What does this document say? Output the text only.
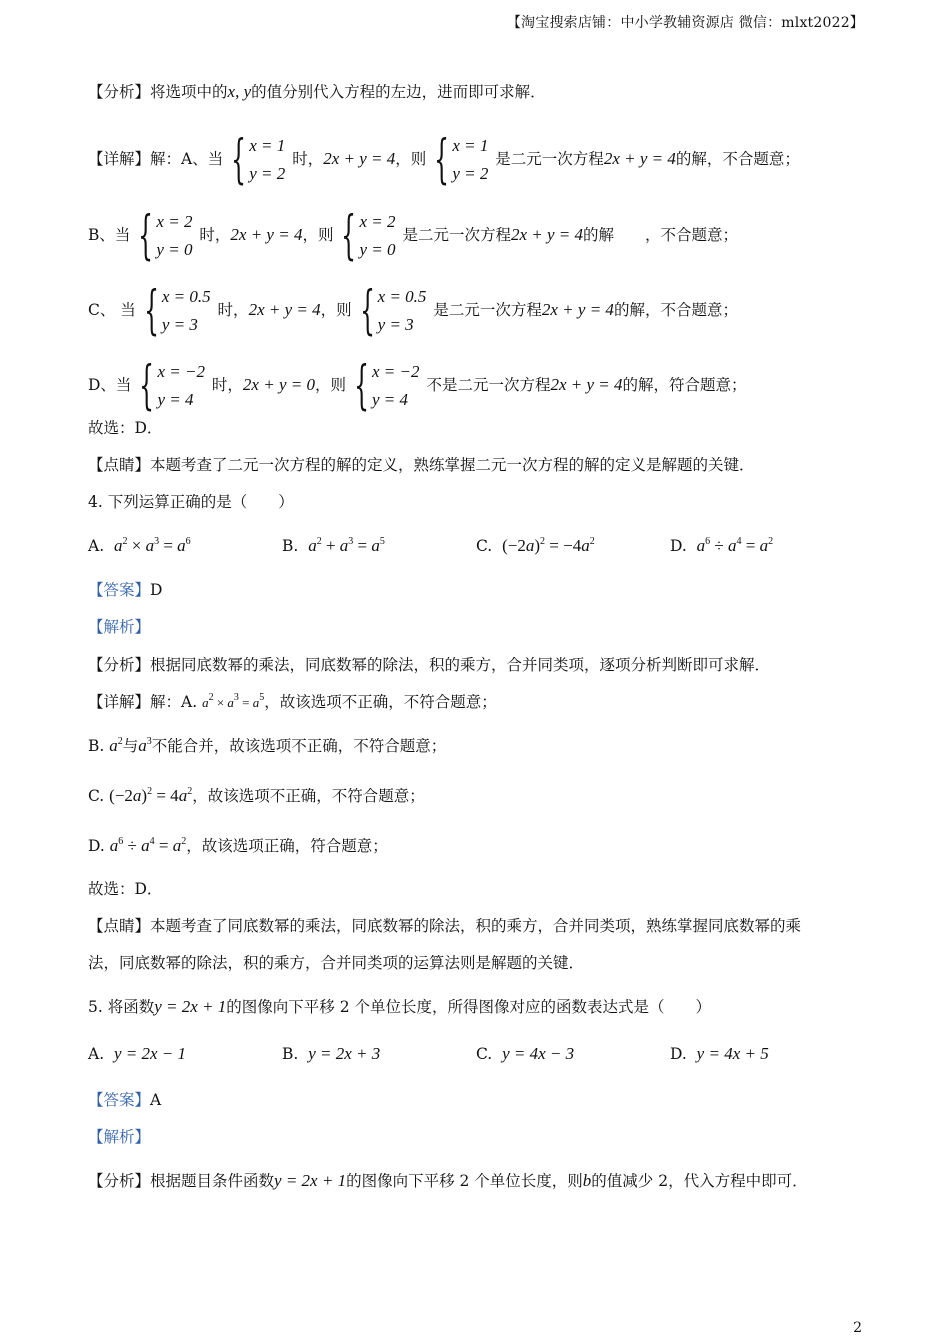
【淘宝搜索店铺：中小学教辅资源店 微信：mlxt2022】
【分析】将选项中的x, y的值分别代入方程的左边，进而即可求解．
【详解】解：A、当 { x = 1
y = 2
时，2x + y = 4，则 { x = 1
y = 2
是二元一次方程2x + y = 4的解，不合题意；
B、当 { x = 2
y = 0
时，2x + y = 4，则 { x = 2
y = 0
是二元一次方程2x + y = 4的解　　，不合题意；
C、 当 { x = 0.5
y = 3
时，2x + y = 4，则 { x = 0.5
y = 3
是二元一次方程2x + y = 4的解，不合题意；
D、当 { x = −2
y = 4
时，2x + y = 0，则 { x = −2
y = 4
不是二元一次方程2x + y = 4的解，符合题意；
故选：D．
【点睛】本题考查了二元一次方程的解的定义，熟练掌握二元一次方程的解的定义是解题的关键．
4. 下列运算正确的是（　　）
A. $a^2 \times a^3 = a^6$	B. $a^2 + a^3 = a^5$	C. $(-2a)^2 = -4a^2$	D. $a^6 \div a^4 = a^2$
【答案】D
【解析】
【分析】根据同底数幂的乘法，同底数幂的除法，积的乘方，合并同类项，逐项分析判断即可求解．
【详解】解：A. $a^2 \times a^3 = a^5$，故该选项不正确，不符合题意；
B. $a^2$与$a^3$不能合并，故该选项不正确，不符合题意；
C. $(-2a)^2 = 4a^2$，故该选项不正确，不符合题意；
D. $a^6 \div a^4 = a^2$，故该选项正确，符合题意；
故选：D．
【点睛】本题考查了同底数幂的乘法，同底数幂的除法，积的乘方，合并同类项，熟练掌握同底数幂的乘
法，同底数幂的除法，积的乘方，合并同类项的运算法则是解题的关键．
5. 将函数y = 2x + 1的图像向下平移 2 个单位长度，所得图像对应的函数表达式是（　　）
A. y = 2x − 1	B. y = 2x + 3	C. y = 4x − 3	D. y = 4x + 5
【答案】A
【解析】
【分析】根据题目条件函数y = 2x + 1的图像向下平移 2 个单位长度，则b的值减少 2，代入方程中即可．
2
